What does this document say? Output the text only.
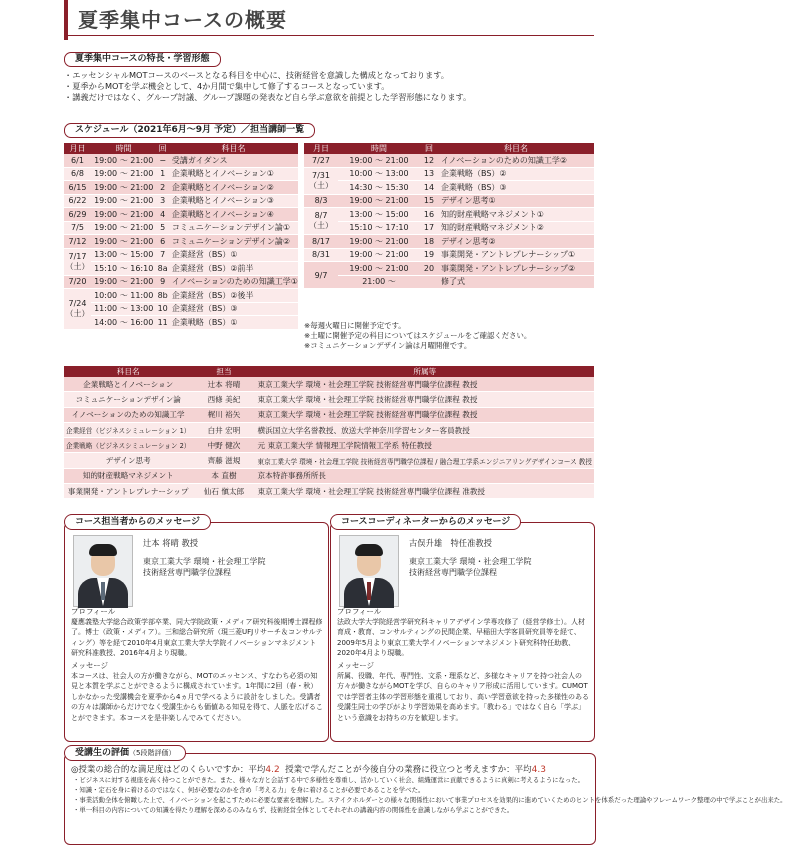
夏季集中コースの概要
夏季集中コースの特長・学習形態
・エッセンシャルMOTコースのベースとなる科目を中心に、技術経営を意識した構成となっております。
・夏季からMOTを学ぶ機会として、4か月間で集中して修了するコースとなっています。
・講義だけではなく、グループ討議、グループ課題の発表など自ら学ぶ意欲を前提とした学習形態になります。
スケジュール（2021年6月〜9月 予定）／担当講師一覧
月日	時間	回	科目名
6/1	19:00 〜 21:00	−	受講ガイダンス
6/8	19:00 〜 21:00	1	企業戦略とイノベーション①
6/15	19:00 〜 21:00	2	企業戦略とイノベーション②
6/22	19:00 〜 21:00	3	企業戦略とイノベーション③
6/29	19:00 〜 21:00	4	企業戦略とイノベーション④
7/5	19:00 〜 21:00	5	コミュニケーションデザイン論①
7/12	19:00 〜 21:00	6	コミュニケーションデザイン論②
7/17
（土）	13:00 〜 15:00	7	企業経営（BS）①
	15:10 〜 16:10	8a	企業経営（BS）②前半
7/20	19:00 〜 21:00	9	イノベーションのための知識工学①
7/24
（土）	10:00 〜 11:00	8b	企業経営（BS）②後半
	11:00 〜 13:00	10	企業経営（BS）③
	14:00 〜 16:00	11	企業戦略（BS）①
月日	時間	回	科目名
7/27	19:00 〜 21:00	12	イノベーションのための知識工学②
7/31
（土）	10:00 〜 13:00	13	企業戦略（BS）②
	14:30 〜 15:30	14	企業戦略（BS）③
8/3	19:00 〜 21:00	15	デザイン思考①
8/7
（土）	13:00 〜 15:00	16	知的財産戦略マネジメント①
	15:10 〜 17:10	17	知的財産戦略マネジメント②
8/17	19:00 〜 21:00	18	デザイン思考②
8/31	19:00 〜 21:00	19	事業開発・アントレプレナーシップ①
9/7	19:00 〜 21:00	20	事業開発・アントレプレナーシップ②
	21:00 〜		修了式
※毎週火曜日に開催予定です。
※土曜に開催予定の科目についてはスケジュールをご確認ください。
※コミュニケーションデザイン論は月曜開催です。
科目名	担当	所属等
企業戦略とイノベーション	辻本 将晴	東京工業大学 環境・社会理工学院 技術経営専門職学位課程 教授
コミュニケーションデザイン論	西條 美紀	東京工業大学 環境・社会理工学院 技術経営専門職学位課程 教授
イノベーションのための知識工学	梶川 裕矢	東京工業大学 環境・社会理工学院 技術経営専門職学位課程 教授
企業経営（ビジネスシミュレーション 1）	白井 宏明	横浜国立大学名誉教授、放送大学神奈川学習センター客員教授
企業戦略（ビジネスシミュレーション 2）	中野 健次	元 東京工業大学 情報理工学院情報工学系 特任教授
デザイン思考	齊藤 滋規	東京工業大学 環境・社会理工学院 技術経営専門職学位課程 / 融合理工学系エンジニアリングデザインコース 教授
知的財産戦略マネジメント	本 直樹	京本特許事務所所長
事業開発・アントレプレナーシップ	仙石 愼太郎	東京工業大学 環境・社会理工学院 技術経営専門職学位課程 准教授
コース担当者からのメッセージ
辻本 将晴 教授
東京工業大学 環境・社会理工学院
技術経営専門職学位課程
プロフィール
慶應義塾大学総合政策学部卒業、同大学院政策・メディア研究科後期博士課程修了。博士（政策・メディア）。三和総合研究所（現三菱UFJリサーチ＆コンサルティング）等を経て2010年4月東京工業大学大学院イノベーションマネジメント研究科准教授、2016年4月より現職。
メッセージ
本コースは、社会人の方が働きながら、MOTのエッセンス、すなわち必須の知見と本質を学ぶことができるように構成されています。1年間に2回（春・秋）しかなかった受講機会を夏季から4ヵ月で学べるように設計をしました。受講者の方々は講師からだけでなく受講生からも価値ある知見を得て、人脈を広げることができます。本コースを是非楽しんでみてください。
コースコーディネーターからのメッセージ
古俣升雄　特任准教授
東京工業大学 環境・社会理工学院
技術経営専門職学位課程
プロフィール
法政大学大学院経営学研究科キャリアデザイン学専攻修了（経営学修士）。人材育成・教育、コンサルティングの民間企業、早稲田大学客員研究員等を経て、2009年5月より東京工業大学イノベーションマネジメント研究科特任助教、2020年4月より現職。
メッセージ
所属、役職、年代、専門性、文系・理系など、多様なキャリアを持つ社会人の方々が働きながらMOTを学び、自らのキャリア形成に活用しています。CUMOTでは学習者主体の学習形態を重視しており、高い学習意欲を持った多様性のある受講生同士の学びがより学習効果を高めます。「教わる」ではなく自ら「学ぶ」という意識をお持ちの方を歓迎します。
受講生の評価（5段階評価）
◎授業の総合的な満足度はどのくらいですか：平均4.2 授業で学んだことが今後自分の業務に役立つと考えますか：平均4.3
・ビジネスに対する視座を高く持つことができた。また、様々な方と会話する中で多様性を尊重し、活かしていく社会、組織運営に貢献できるように真剣に考えるようになった。
・知識・定石を身に着けるのではなく、何が必要なのかを含め「考える力」を身に着けることが必要であることを学べた。
・事業活動全体を俯瞰した上で、イノベーションを起こすために必要な要素を理解した。ステイクホルダーとの様々な関係性において事業プロセスを効果的に進めていくためのヒントを体系だった理論やフレームワーク整理の中で学ぶことが出来た。
・単一科目の内容についての知識を得たり理解を深めるのみならず、技術経営全体としてそれぞれの講義内容の関係性を意識しながら学ぶことができた。
